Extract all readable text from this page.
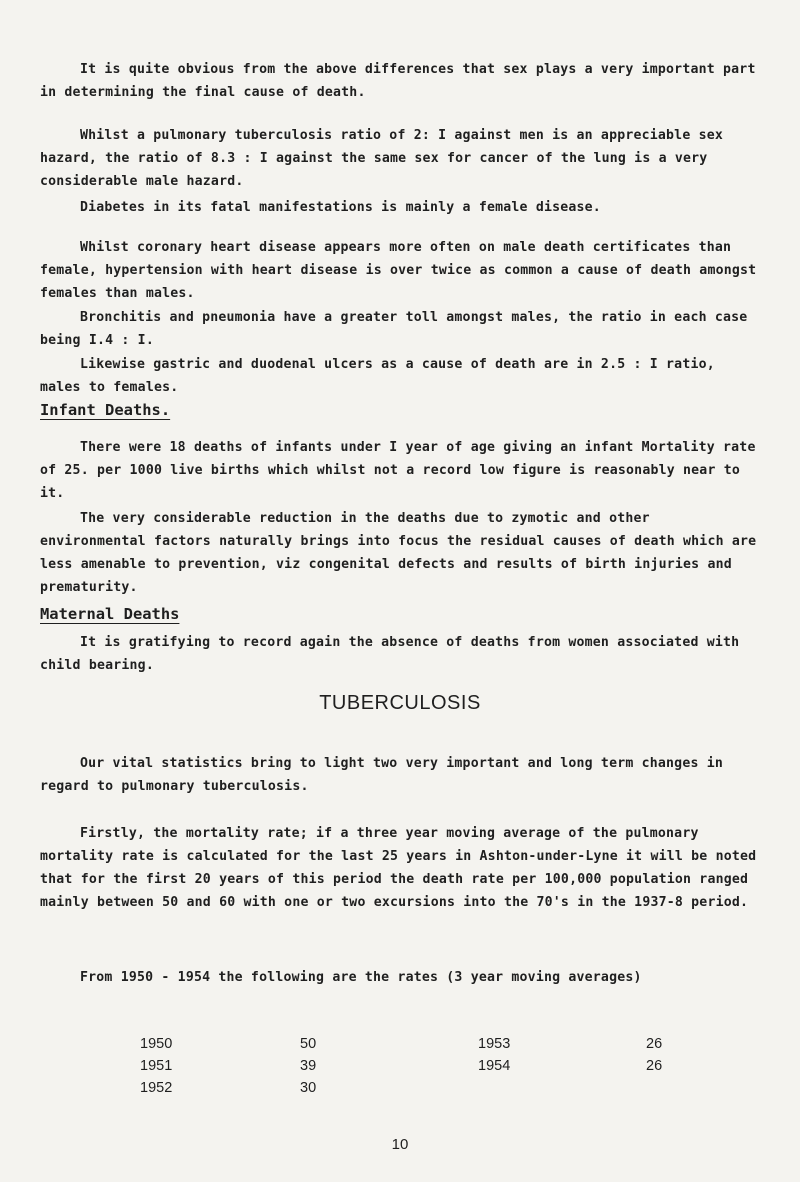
It is quite obvious from the above differences that sex plays a very important part in determining the final cause of death.

Whilst a pulmonary tuberculosis ratio of 2: I against men is an appreciable sex hazard, the ratio of 8.3 : I against the same sex for cancer of the lung is a very considerable male hazard.

Diabetes in its fatal manifestations is mainly a female disease.

Whilst coronary heart disease appears more often on male death certificates than female, hypertension with heart disease is over twice as common a cause of death amongst females than males.

Bronchitis and pneumonia have a greater toll amongst males, the ratio in each case being I.4 : I.

Likewise gastric and duodenal ulcers as a cause of death are in 2.5 : I ratio, males to females.

Infant Deaths.

There were 18 deaths of infants under I year of age giving an infant Mortality rate of 25. per 1000 live births which whilst not a record low figure is reasonably near to it.

The very considerable reduction in the deaths due to zymotic and other environmental factors naturally brings into focus the residual causes of death which are less amenable to prevention, viz congenital defects and results of birth injuries and prematurity.

Maternal Deaths

It is gratifying to record again the absence of deaths from women associated with child bearing.

TUBERCULOSIS

Our vital statistics bring to light two very important and long term changes in regard to pulmonary tuberculosis.

Firstly, the mortality rate; if a three year moving average of the pulmonary mortality rate is calculated for the last 25 years in Ashton-under-Lyne it will be noted that for the first 20 years of this period the death rate per 100,000 population ranged mainly between 50 and 60 with one or two excursions into the 70's in the 1937-8 period.

From 1950 - 1954 the following are the rates (3 year moving averages)

1950	50	1953	26
1951	39	1954	26
1952	30		

10
